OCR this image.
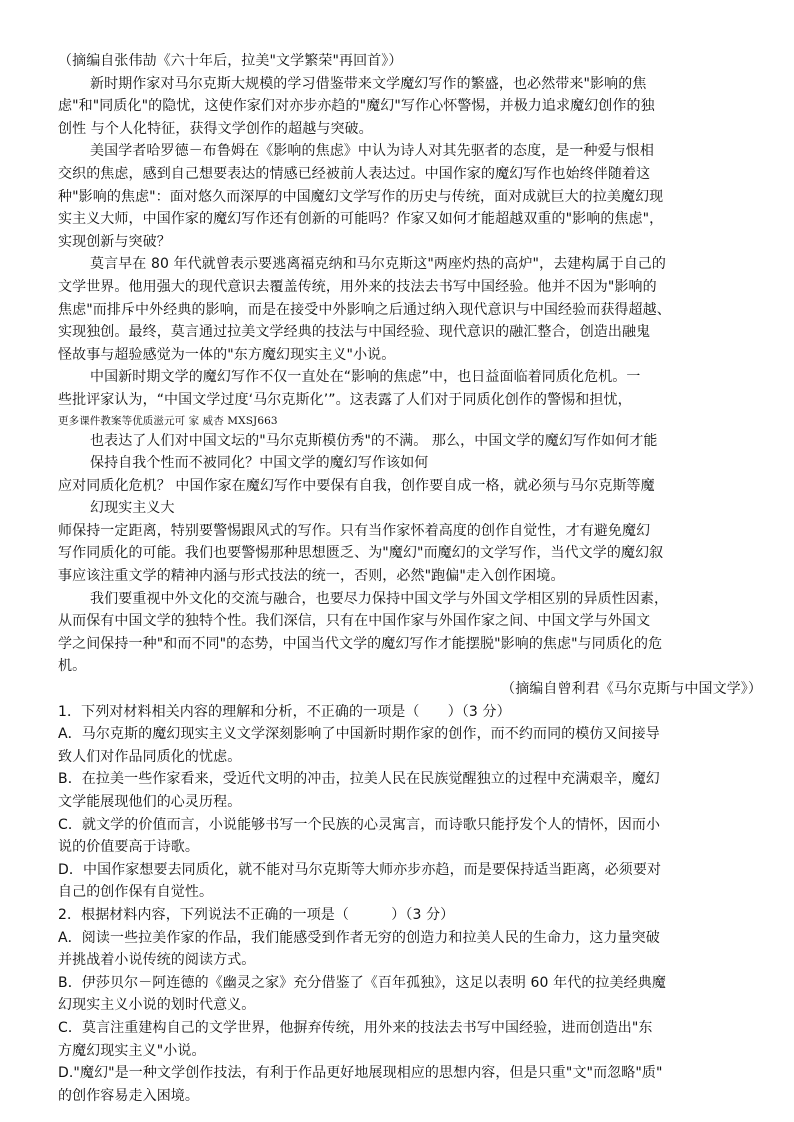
（摘编自张伟劼《六十年后，拉美"文学繁荣"再回首》）
新时期作家对马尔克斯大规模的学习借鉴带来文学魔幻写作的繁盛，也必然带来"影响的焦
虑"和"同质化"的隐忧，这使作家们对亦步亦趋的"魔幻"写作心怀警惕，并极力追求魔幻创作的独
创性 与个人化特征，获得文学创作的超越与突破。
美国学者哈罗德－布鲁姆在《影响的焦虑》中认为诗人对其先驱者的态度，是一种爱与恨相
交织的焦虑，感到自己想要表达的情感已经被前人表达过。中国作家的魔幻写作也始终伴随着这
种"影响的焦虑"：面对悠久而深厚的中国魔幻文学写作的历史与传统，面对成就巨大的拉美魔幻现
实主义大师，中国作家的魔幻写作还有创新的可能吗？作家又如何才能超越双重的"影响的焦虑"，
实现创新与突破？
莫言早在 80 年代就曾表示要逃离福克纳和马尔克斯这"两座灼热的高炉"，去建构属于自己的
文学世界。他用强大的现代意识去覆盖传统，用外来的技法去书写中国经验。他并不因为"影响的
焦虑"而排斥中外经典的影响，而是在接受中外影响之后通过纳入现代意识与中国经验而获得超越、
实现独创。最终，莫言通过拉美文学经典的技法与中国经验、现代意识的融汇整合，创造出融鬼
怪故事与超验感觉为一体的"东方魔幻现实主义"小说。
中国新时期文学的魔幻写作不仅一直处在“影响的焦虑”中，也日益面临着同质化危机。一
些批评家认为，“中国文学过度‘马尔克斯化’”。这表露了人们对于同质化创作的警惕和担忧，
更多课件教案等优质滋元可 家 威杏 MXSJ663
也表达了人们对中国文坛的"马尔克斯模仿秀"的不满。 那么，中国文学的魔幻写作如何才能
保持自我个性而不被同化？中国文学的魔幻写作该如何
应对同质化危机？ 中国作家在魔幻写作中要保有自我，创作要自成一格，就必须与马尔克斯等魔
幻现实主义大
师保持一定距离，特别要警惕跟风式的写作。只有当作家怀着高度的创作自觉性，才有避免魔幻
写作同质化的可能。我们也要警惕那种思想匮乏、为"魔幻"而魔幻的文学写作，当代文学的魔幻叙
事应该注重文学的精神内涵与形式技法的统一，否则，必然"跑偏"走入创作困境。
我们要重视中外文化的交流与融合，也要尽力保持中国文学与外国文学相区别的异质性因素，
从而保有中国文学的独特个性。我们深信，只有在中国作家与外国作家之间、中国文学与外国文
学之间保持一种"和而不同"的态势，中国当代文学的魔幻写作才能摆脱"影响的焦虑"与同质化的危
机。
（摘编自曾利君《马尔克斯与中国文学》）
1．下列对材料相关内容的理解和分析，不正确的一项是（　　）（3 分）
A．马尔克斯的魔幻现实主义文学深刻影响了中国新时期作家的创作，而不约而同的模仿又间接导
致人们对作品同质化的忧虑。
B．在拉美一些作家看来，受近代文明的冲击，拉美人民在民族觉醒独立的过程中充满艰辛，魔幻
文学能展现他们的心灵历程。
C．就文学的价值而言，小说能够书写一个民族的心灵寓言，而诗歌只能抒发个人的情怀，因而小
说的价值要高于诗歌。
D．中国作家想要去同质化，就不能对马尔克斯等大师亦步亦趋，而是要保持适当距离，必须要对
自己的创作保有自觉性。
2．根据材料内容，下列说法不正确的一项是（　　　）（3 分）
A．阅读一些拉美作家的作品，我们能感受到作者无穷的创造力和拉美人民的生命力，这力量突破
并挑战着小说传统的阅读方式。
B．伊莎贝尔－阿连德的《幽灵之家》充分借鉴了《百年孤独》，这足以表明 60 年代的拉美经典魔
幻现实主义小说的划时代意义。
C．莫言注重建构自己的文学世界，他摒弃传统，用外来的技法去书写中国经验，进而创造出"东
方魔幻现实主义"小说。
D."魔幻"是一种文学创作技法，有利于作品更好地展现相应的思想内容，但是只重"文"而忽略"质"
的创作容易走入困境。
